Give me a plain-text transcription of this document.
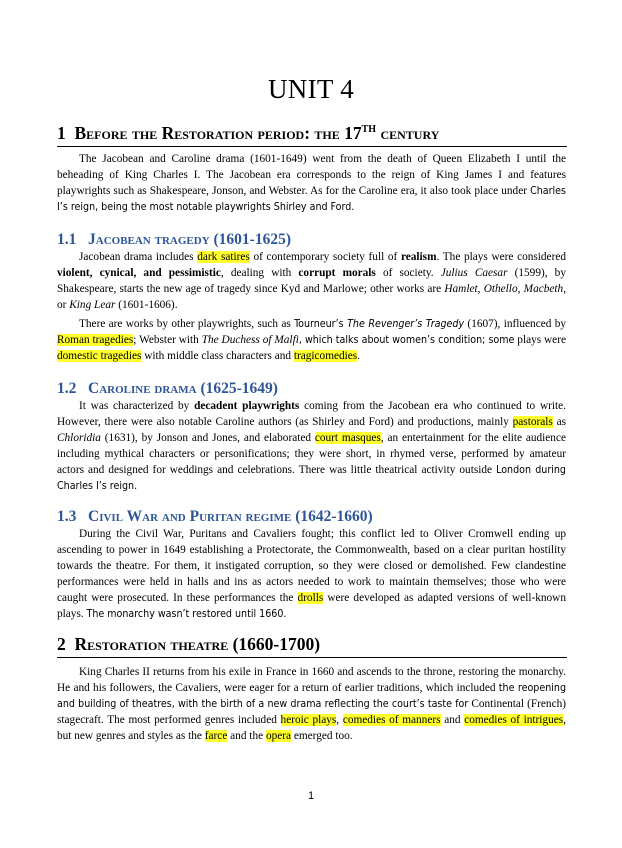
UNIT 4
1 Before the Restoration period: the 17TH century

The Jacobean and Caroline drama (1601-1649) went from the death of Queen Elizabeth I until the beheading of King Charles I. The Jacobean era corresponds to the reign of King James I and features playwrights such as Shakespeare, Jonson, and Webster. As for the Caroline era, it also took place under Charles I’s reign, being the most notable playwrights Shirley and Ford.

1.1 Jacobean tragedy (1601-1625)

Jacobean drama includes dark satires of contemporary society full of realism. The plays were considered violent, cynical, and pessimistic, dealing with corrupt morals of society. Julius Caesar (1599), by Shakespeare, starts the new age of tragedy since Kyd and Marlowe; other works are Hamlet, Othello, Macbeth, or King Lear (1601-1606).

There are works by other playwrights, such as Tourneur’s The Revenger’s Tragedy (1607), influenced by Roman tragedies; Webster with The Duchess of Malfi, which talks about women’s condition; some plays were domestic tragedies with middle class characters and tragicomedies.

1.2 Caroline drama (1625-1649)

It was characterized by decadent playwrights coming from the Jacobean era who continued to write. However, there were also notable Caroline authors (as Shirley and Ford) and productions, mainly pastorals as Chloridia (1631), by Jonson and Jones, and elaborated court masques, an entertainment for the elite audience including mythical characters or personifications; they were short, in rhymed verse, performed by amateur actors and designed for weddings and celebrations. There was little theatrical activity outside London during Charles I’s reign.

1.3 Civil War and Puritan regime (1642-1660)

During the Civil War, Puritans and Cavaliers fought; this conflict led to Oliver Cromwell ending up ascending to power in 1649 establishing a Protectorate, the Commonwealth, based on a clear puritan hostility towards the theatre. For them, it instigated corruption, so they were closed or demolished. Few clandestine performances were held in halls and ins as actors needed to work to maintain themselves; those who were caught were prosecuted. In these performances the drolls were developed as adapted versions of well-known plays. The monarchy wasn’t restored until 1660.

2 Restoration theatre (1660-1700)

King Charles II returns from his exile in France in 1660 and ascends to the throne, restoring the monarchy. He and his followers, the Cavaliers, were eager for a return of earlier traditions, which included the reopening and building of theatres, with the birth of a new drama reflecting the court’s taste for Continental (French) stagecraft. The most performed genres included heroic plays, comedies of manners and comedies of intrigues, but new genres and styles as the farce and the opera emerged too.

1
